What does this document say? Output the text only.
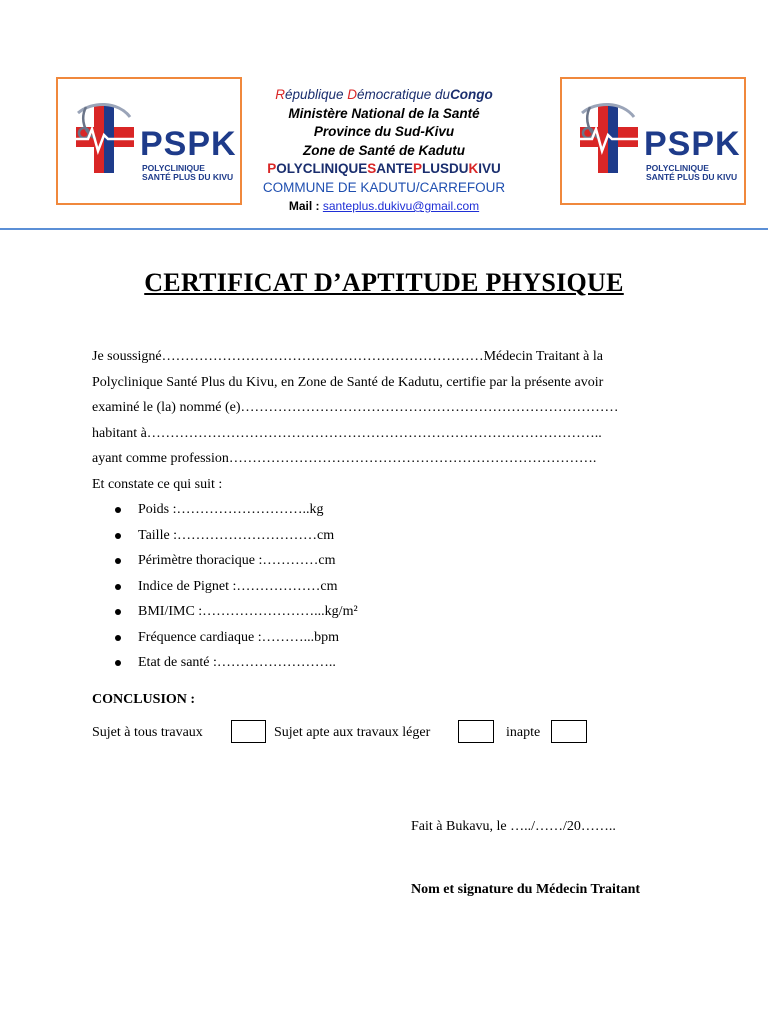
PSPK
POLYCLINIQUE
SANTÉ PLUS DU KIVU
PSPK
POLYCLINIQUE
SANTÉ PLUS DU KIVU
République Démocratique duCongo
Ministère National de la Santé
Province du Sud-Kivu
Zone de Santé de Kadutu
POLYCLINIQUESANTEPLUSDUKIVU
COMMUNE DE KADUTU/CARREFOUR
Mail : santeplus.dukivu@gmail.com
CERTIFICAT D’APTITUDE PHYSIQUE

Je soussigné……………………………………………………………Médecin Traitant à la

Polyclinique Santé Plus du Kivu, en Zone de Santé de Kadutu, certifie par la présente avoir

examiné le (la) nommé (e)………………………………………………………………………

habitant à……………………………………………………………………………………..

ayant comme profession…………………………………………………………………….

Et constate ce qui suit :

Poids :………………………..kg
Taille :…………………………cm
Périmètre thoracique :…………cm
Indice de Pignet :………………cm
BMI/IMC :……………………...kg/m²
Fréquence cardiaque :………...bpm
Etat de santé :……………………..
CONCLUSION :
Sujet à tous travaux	Sujet apte aux travaux léger	inapte
Fait à Bukavu, le …../……/20……..
Nom et signature du Médecin Traitant
